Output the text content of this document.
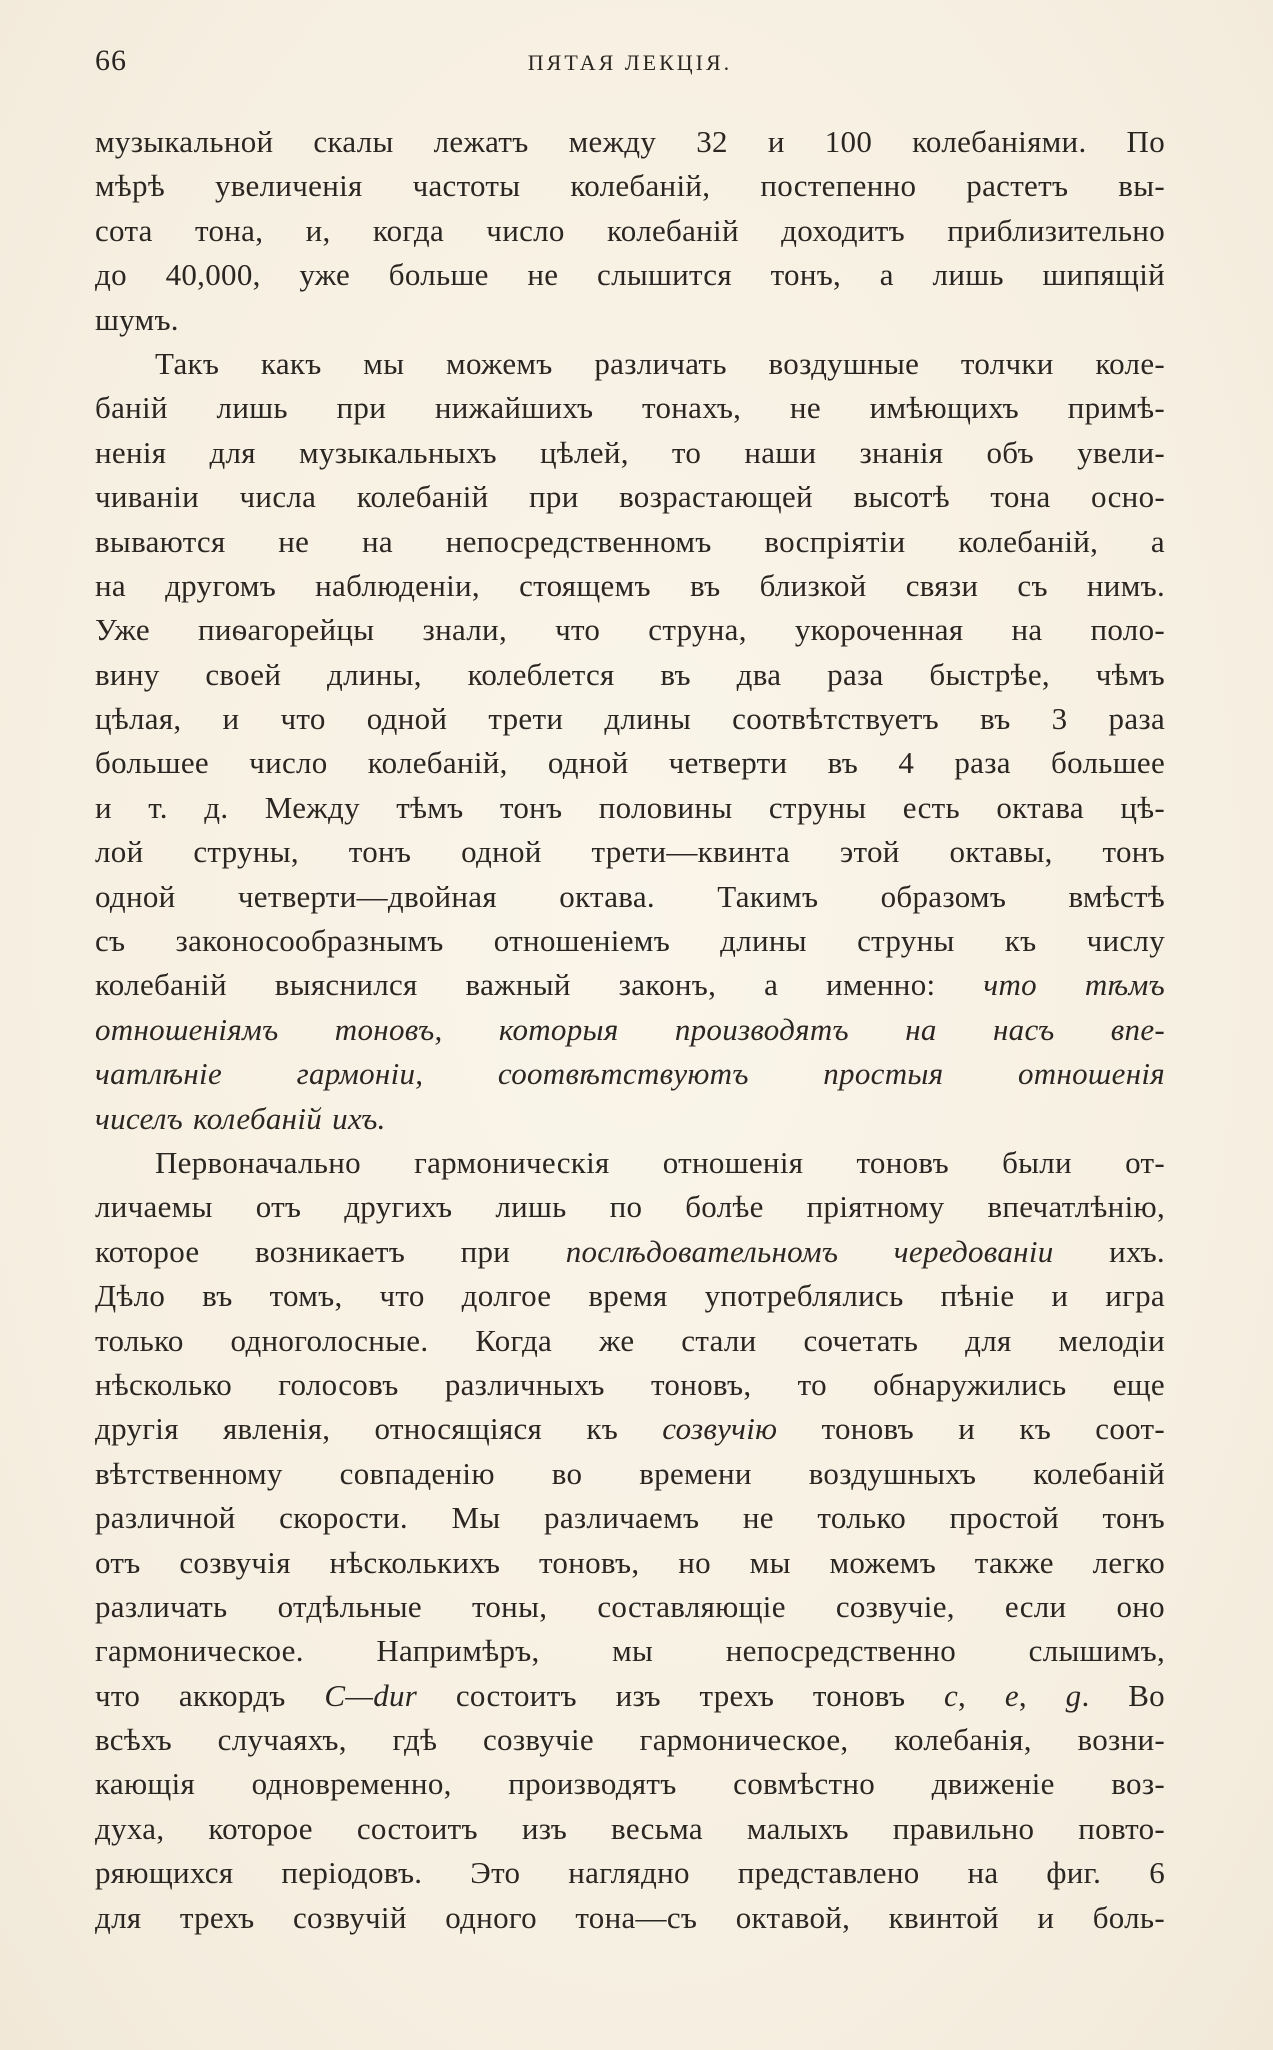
66	ПЯТАЯ ЛЕКЦІЯ.
музыкальной скалы лежатъ между 32 и 100 колебаніями. По
мѣрѣ увеличенія частоты колебаній, постепенно растетъ вы-
сота тона, и, когда число колебаній доходитъ приблизительно
до 40,000, уже больше не слышится тонъ, а лишь шипящій
шумъ.
Такъ какъ мы можемъ различать воздушные толчки коле-
баній лишь при нижайшихъ тонахъ, не имѣющихъ примѣ-
ненія для музыкальныхъ цѣлей, то наши знанія объ увели-
чиваніи числа колебаній при возрастающей высотѣ тона осно-
вываются не на непосредственномъ воспріятіи колебаній, а
на другомъ наблюденіи, стоящемъ въ близкой связи съ нимъ.
Уже пиѳагорейцы знали, что струна, укороченная на поло-
вину своей длины, колеблется въ два раза быстрѣе, чѣмъ
цѣлая, и что одной трети длины соотвѣтствуетъ въ 3 раза
большее число колебаній, одной четверти въ 4 раза большее
и т. д. Между тѣмъ тонъ половины струны есть октава цѣ-
лой струны, тонъ одной трети—квинта этой октавы, тонъ
одной четверти—двойная октава. Такимъ образомъ вмѣстѣ
съ законосообразнымъ отношеніемъ длины струны къ числу
колебаній выяснился важный законъ, а именно: что тѣмъ
отношеніямъ тоновъ, которыя производятъ на насъ впе-
чатлѣніе гармоніи, соотвѣтствуютъ простыя отношенія
чиселъ колебаній ихъ.
Первоначально гармоническія отношенія тоновъ были от-
личаемы отъ другихъ лишь по болѣе пріятному впечатлѣнію,
которое возникаетъ при послѣдовательномъ чередованіи ихъ.
Дѣло въ томъ, что долгое время употреблялись пѣніе и игра
только одноголосные. Когда же стали сочетать для мелодіи
нѣсколько голосовъ различныхъ тоновъ, то обнаружились еще
другія явленія, относящіяся къ созвучію тоновъ и къ соот-
вѣтственному совпаденію во времени воздушныхъ колебаній
различной скорости. Мы различаемъ не только простой тонъ
отъ созвучія нѣсколькихъ тоновъ, но мы можемъ также легко
различать отдѣльные тоны, составляющіе созвучіе, если оно
гармоническое. Напримѣръ, мы непосредственно слышимъ,
что аккордъ C—dur состоитъ изъ трехъ тоновъ c, e, g. Во
всѣхъ случаяхъ, гдѣ созвучіе гармоническое, колебанія, возни-
кающія одновременно, производятъ совмѣстно движеніе воз-
духа, которое состоитъ изъ весьма малыхъ правильно повто-
ряющихся періодовъ. Это наглядно представлено на фиг. 6
для трехъ созвучій одного тона—съ октавой, квинтой и боль-
